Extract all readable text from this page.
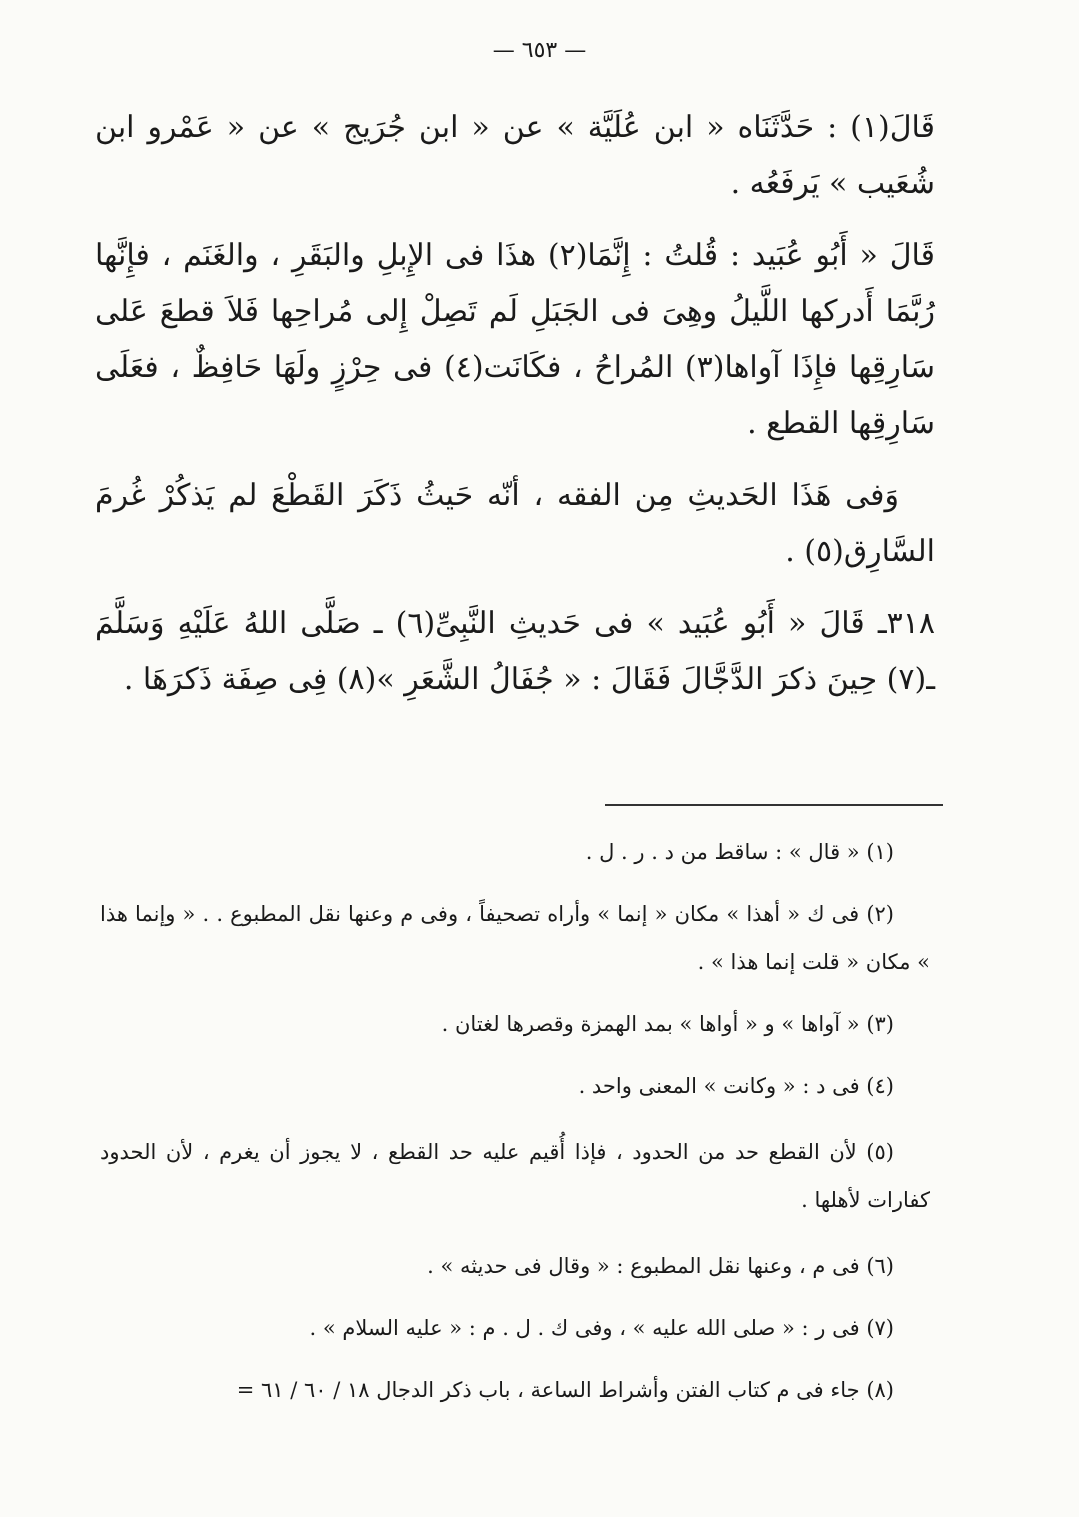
— ٦٥٣ —

قَالَ(١) : حَدَّثَنَاه « ابن عُلَيَّة » عن « ابن جُرَيج » عن « عَمْرو ابن شُعَيب » يَرفَعُه .

قَالَ « أَبُو عُبَيد : قُلتُ : إِنَّمَا(٢) هذَا فى الإِبلِ والبَقَرِ ، والغَنَم ، فإِنَّها رُبَّمَا أَدركها اللَّيلُ وهِىَ فى الجَبَلِ لَم تَصِلْ إِلى مُراحِها فَلاَ قطعَ عَلى سَارِقِها فإِذَا آواها(٣) المُراحُ ، فكَانَت(٤) فى حِرْزٍ ولَهَا حَافِظٌ ، فعَلَى سَارِقِها القطع .

وَفى هَذَا الحَديثِ مِن الفقه ، أنّه حَيثُ ذَكَرَ القَطْعَ لم يَذكُرْ غُرمَ السَّارِق(٥) .

٣١٨ـ قَالَ « أَبُو عُبَيد » فى حَديثِ النَّبِىِّ(٦) ـ صَلَّى اللهُ عَلَيْهِ وَسَلَّمَ ـ(٧) حِينَ ذكرَ الدَّجَّالَ فَقَالَ : « جُفَالُ الشَّعَرِ »(٨) فِى صِفَة ذَكرَهَا .

(١) « قال » : ساقط من د . ر . ل .

(٢) فى ك « أهذا » مكان « إنما » وأراه تصحيفاً ، وفى م وعنها نقل المطبوع . . « وإنما هذا » مكان « قلت إنما هذا » .

(٣) « آواها » و « أواها » بمد الهمزة وقصرها لغتان .

(٤) فى د : « وكانت » المعنى واحد .

(٥) لأن القطع حد من الحدود ، فإذا أُقيم عليه حد القطع ، لا يجوز أن يغرم ، لأن الحدود كفارات لأهلها .

(٦) فى م ، وعنها نقل المطبوع : « وقال فى حديثه » .

(٧) فى ر : « صلى الله عليه » ، وفى ك . ل . م : « عليه السلام » .

(٨) جاء فى م كتاب الفتن وأشراط الساعة ، باب ذكر الدجال ١٨ / ٦٠ / ٦١ =
